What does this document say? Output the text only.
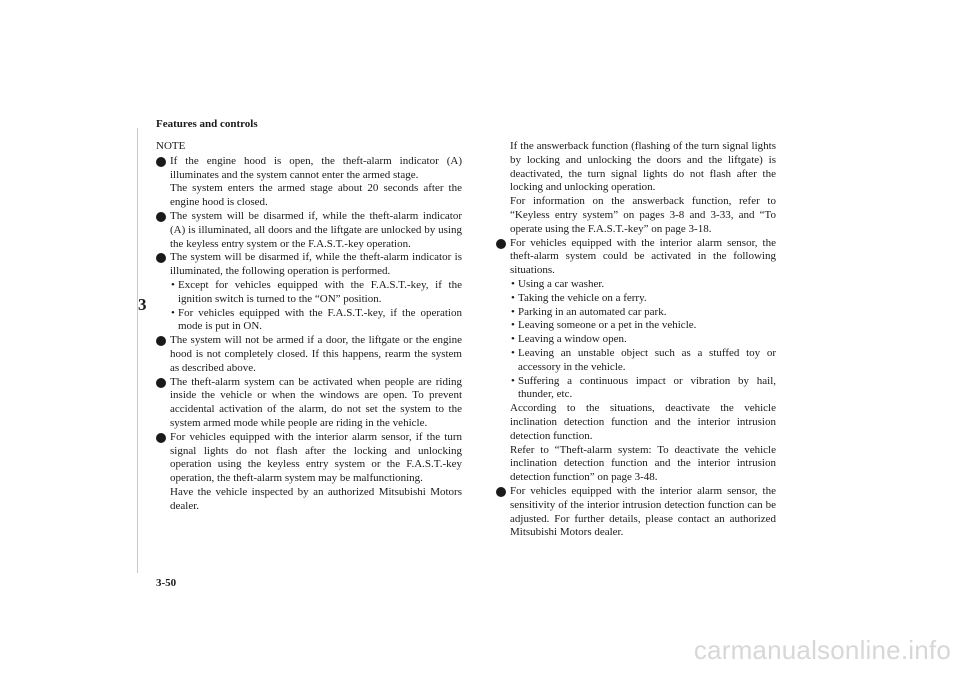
Features and controls
3
NOTE

If the engine hood is open, the theft-alarm indicator (A) illuminates and the system cannot enter the armed stage.

The system enters the armed stage about 20 seconds after the engine hood is closed.

The system will be disarmed if, while the theft-alarm indicator (A) is illuminated, all doors and the liftgate are unlocked by using the keyless entry system or the F.A.S.T.-key operation.

The system will be disarmed if, while the theft-alarm indicator is illuminated, the following operation is performed.

• Except for vehicles equipped with the F.A.S.T.-key, if the ignition switch is turned to the “ON” position.
• For vehicles equipped with the F.A.S.T.-key, if the operation mode is put in ON.

The system will not be armed if a door, the liftgate or the engine hood is not completely closed. If this happens, rearm the system as described above.

The theft-alarm system can be activated when people are riding inside the vehicle or when the windows are open. To prevent accidental activation of the alarm, do not set the system to the system armed mode while people are riding in the vehicle.

For vehicles equipped with the interior alarm sensor, if the turn signal lights do not flash after the locking and unlocking operation using the keyless entry system or the F.A.S.T.-key operation, the theft-alarm system may be malfunctioning.

Have the vehicle inspected by an authorized Mitsubishi Motors dealer.

If the answerback function (flashing of the turn signal lights by locking and unlocking the doors and the liftgate) is deactivated, the turn signal lights do not flash after the locking and unlocking operation.

For information on the answerback function, refer to “Keyless entry system” on pages 3-8 and 3-33, and “To operate using the F.A.S.T.-key” on page 3-18.

For vehicles equipped with the interior alarm sensor, the theft-alarm system could be activated in the following situations.

• Using a car washer.
• Taking the vehicle on a ferry.
• Parking in an automated car park.
• Leaving someone or a pet in the vehicle.
• Leaving a window open.
• Leaving an unstable object such as a stuffed toy or accessory in the vehicle.
• Suffering a continuous impact or vibration by hail, thunder, etc.

According to the situations, deactivate the vehicle inclination detection function and the interior intrusion detection function.

Refer to “Theft-alarm system: To deactivate the vehicle inclination detection function and the interior intrusion detection function” on page 3-48.

For vehicles equipped with the interior alarm sensor, the sensitivity of the interior intrusion detection function can be adjusted. For further details, please contact an authorized Mitsubishi Motors dealer.

3-50
carmanualsonline.info
